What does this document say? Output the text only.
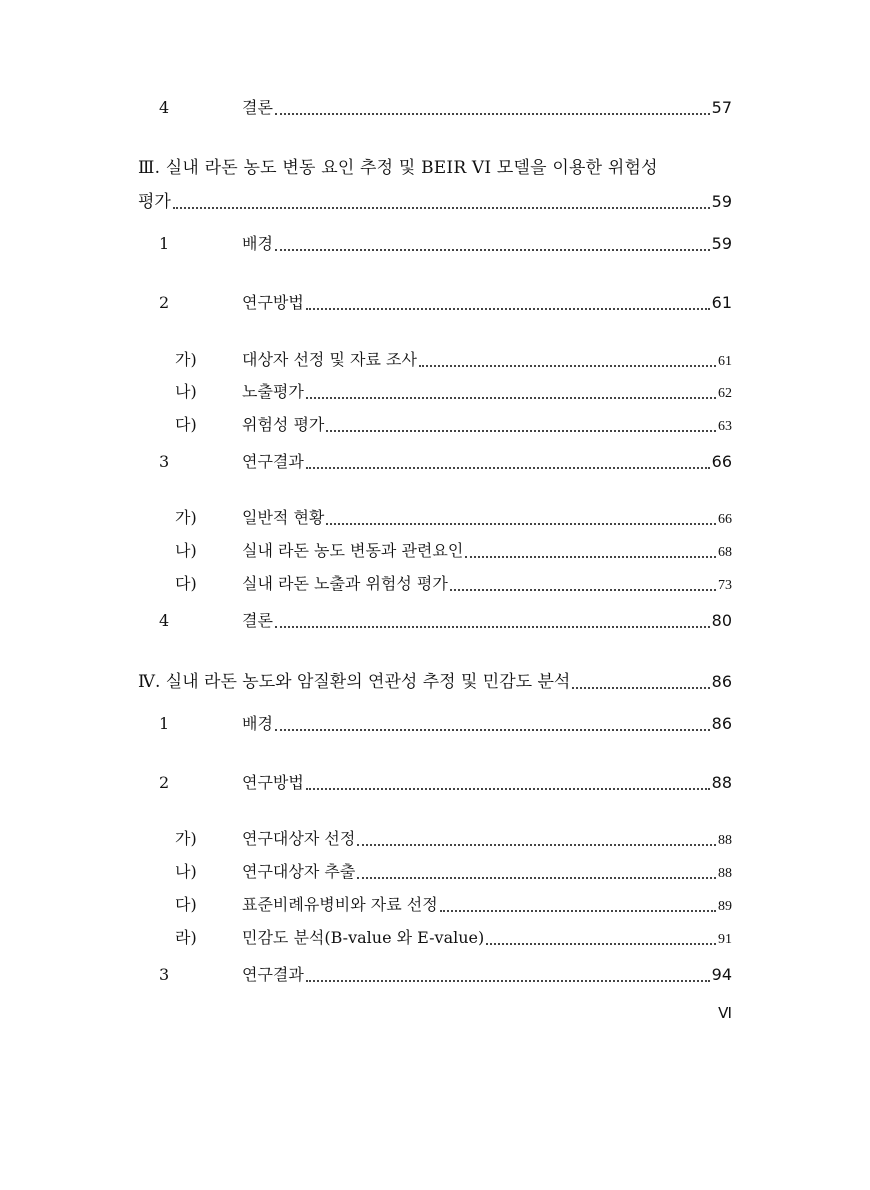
4	결론	57
Ⅲ. 실내 라돈 농도 변동 요인 추정 및 BEIR VI 모델을 이용한 위험성
평가	59
1	배경	59
2	연구방법	61
가)	대상자 선정 및 자료 조사	61
나)	노출평가	62
다)	위험성 평가	63
3	연구결과	66
가)	일반적 현황	66
나)	실내 라돈 농도 변동과 관련요인	68
다)	실내 라돈 노출과 위험성 평가	73
4	결론	80
Ⅳ. 실내 라돈 농도와 암질환의 연관성 추정 및 민감도 분석	86
1	배경	86
2	연구방법	88
가)	연구대상자 선정	88
나)	연구대상자 추출	88
다)	표준비례유병비와 자료 선정	89
라)	민감도 분석(B-value 와 E-value)	91
3	연구결과	94
Ⅵ
